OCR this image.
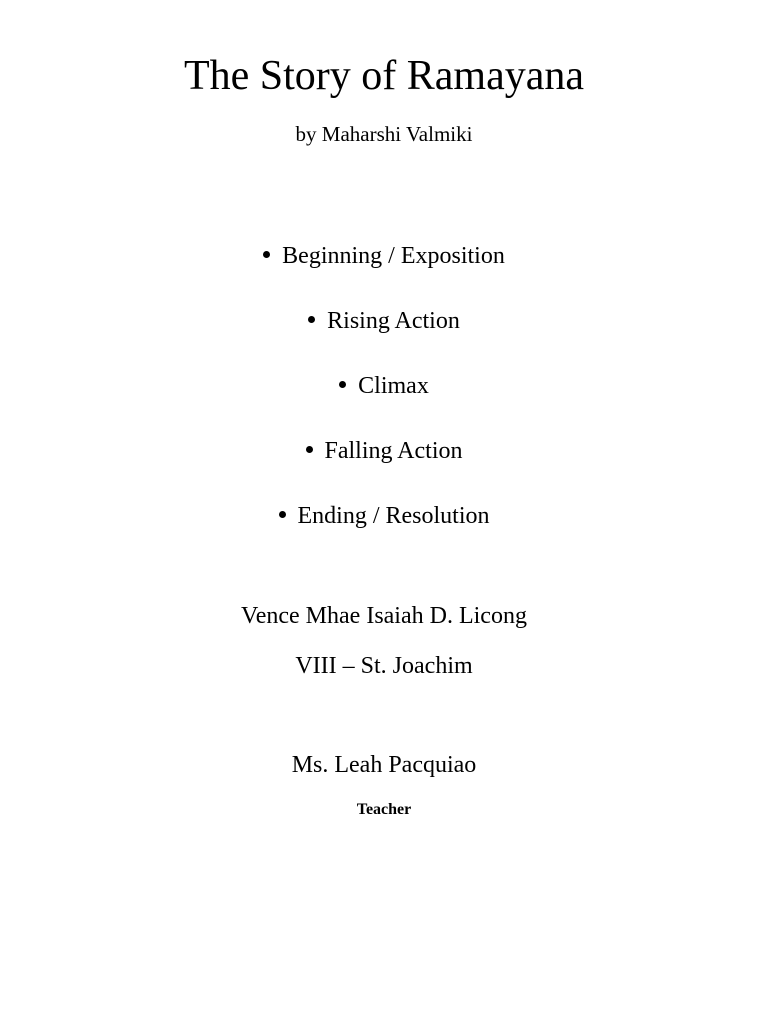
The Story of Ramayana
by Maharshi Valmiki
Beginning / Exposition
Rising Action
Climax
Falling Action
Ending / Resolution
Vence Mhae Isaiah D. Licong
VIII – St. Joachim
Ms. Leah Pacquiao
Teacher
